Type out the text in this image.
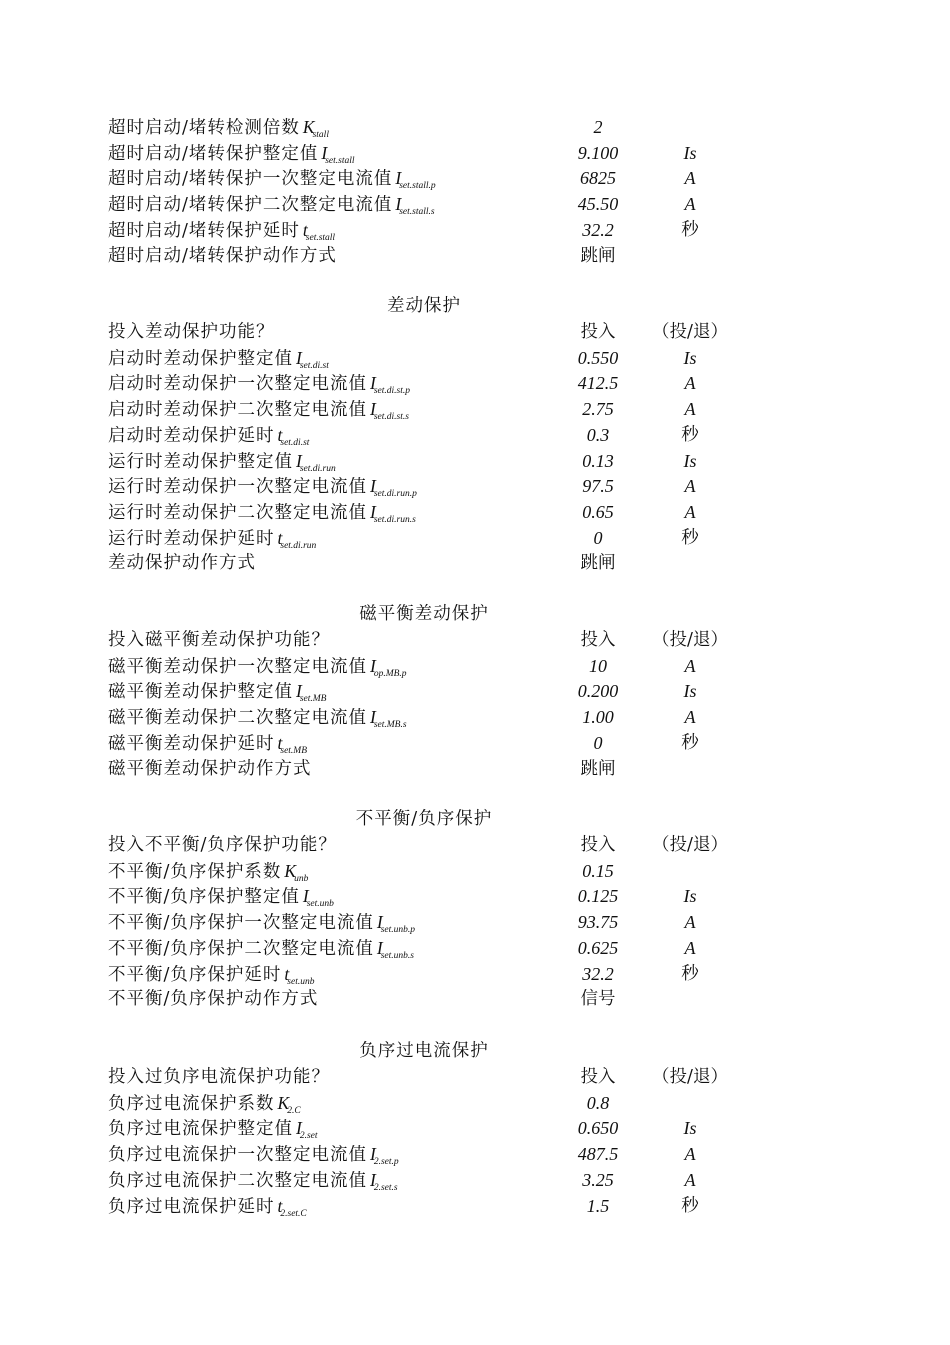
超时启动/堵转检测倍数 K	2
stall
超时启动/堵转保护整定值 I	9.100	Is
set.stall
超时启动/堵转保护一次整定电流值 I	6825	A
set.stall.p
超时启动/堵转保护二次整定电流值 I	45.50	A
set.stall.s
超时启动/堵转保护延时 t	32.2	秒
set.stall
超时启动/堵转保护动作方式	跳闸
差动保护
投入差动保护功能？	投入	（投/退）
启动时差动保护整定值 I	0.550	Is
set.di.st
启动时差动保护一次整定电流值 I	412.5	A
set.di.st.p
启动时差动保护二次整定电流值 I	2.75	A
set.di.st.s
启动时差动保护延时 t	0.3	秒
set.di.st
运行时差动保护整定值 I	0.13	Is
set.di.run
运行时差动保护一次整定电流值 I	97.5	A
set.di.run.p
运行时差动保护二次整定电流值 I	0.65	A
set.di.run.s
运行时差动保护延时 t	0	秒
set.di.run
差动保护动作方式	跳闸
磁平衡差动保护
投入磁平衡差动保护功能？	投入	（投/退）
磁平衡差动保护一次整定电流值 I	10	A
op.MB.p
磁平衡差动保护整定值 I	0.200	Is
set.MB
磁平衡差动保护二次整定电流值 I	1.00	A
set.MB.s
磁平衡差动保护延时 t	0	秒
set.MB
磁平衡差动保护动作方式	跳闸
不平衡/负序保护
投入不平衡/负序保护功能？	投入	（投/退）
不平衡/负序保护系数 K	0.15
unb
不平衡/负序保护整定值 I	0.125	Is
set.unb
不平衡/负序保护一次整定电流值 I	93.75	A
set.unb.p
不平衡/负序保护二次整定电流值 I	0.625	A
set.unb.s
不平衡/负序保护延时 t	32.2	秒
set.unb
不平衡/负序保护动作方式	信号
负序过电流保护
投入过负序电流保护功能？	投入	（投/退）
负序过电流保护系数 K	0.8
2.C
负序过电流保护整定值 I	0.650	Is
2.set
负序过电流保护一次整定电流值 I	487.5	A
2.set.p
负序过电流保护二次整定电流值 I	3.25	A
2.set.s
负序过电流保护延时 t	1.5	秒
2.set.C
